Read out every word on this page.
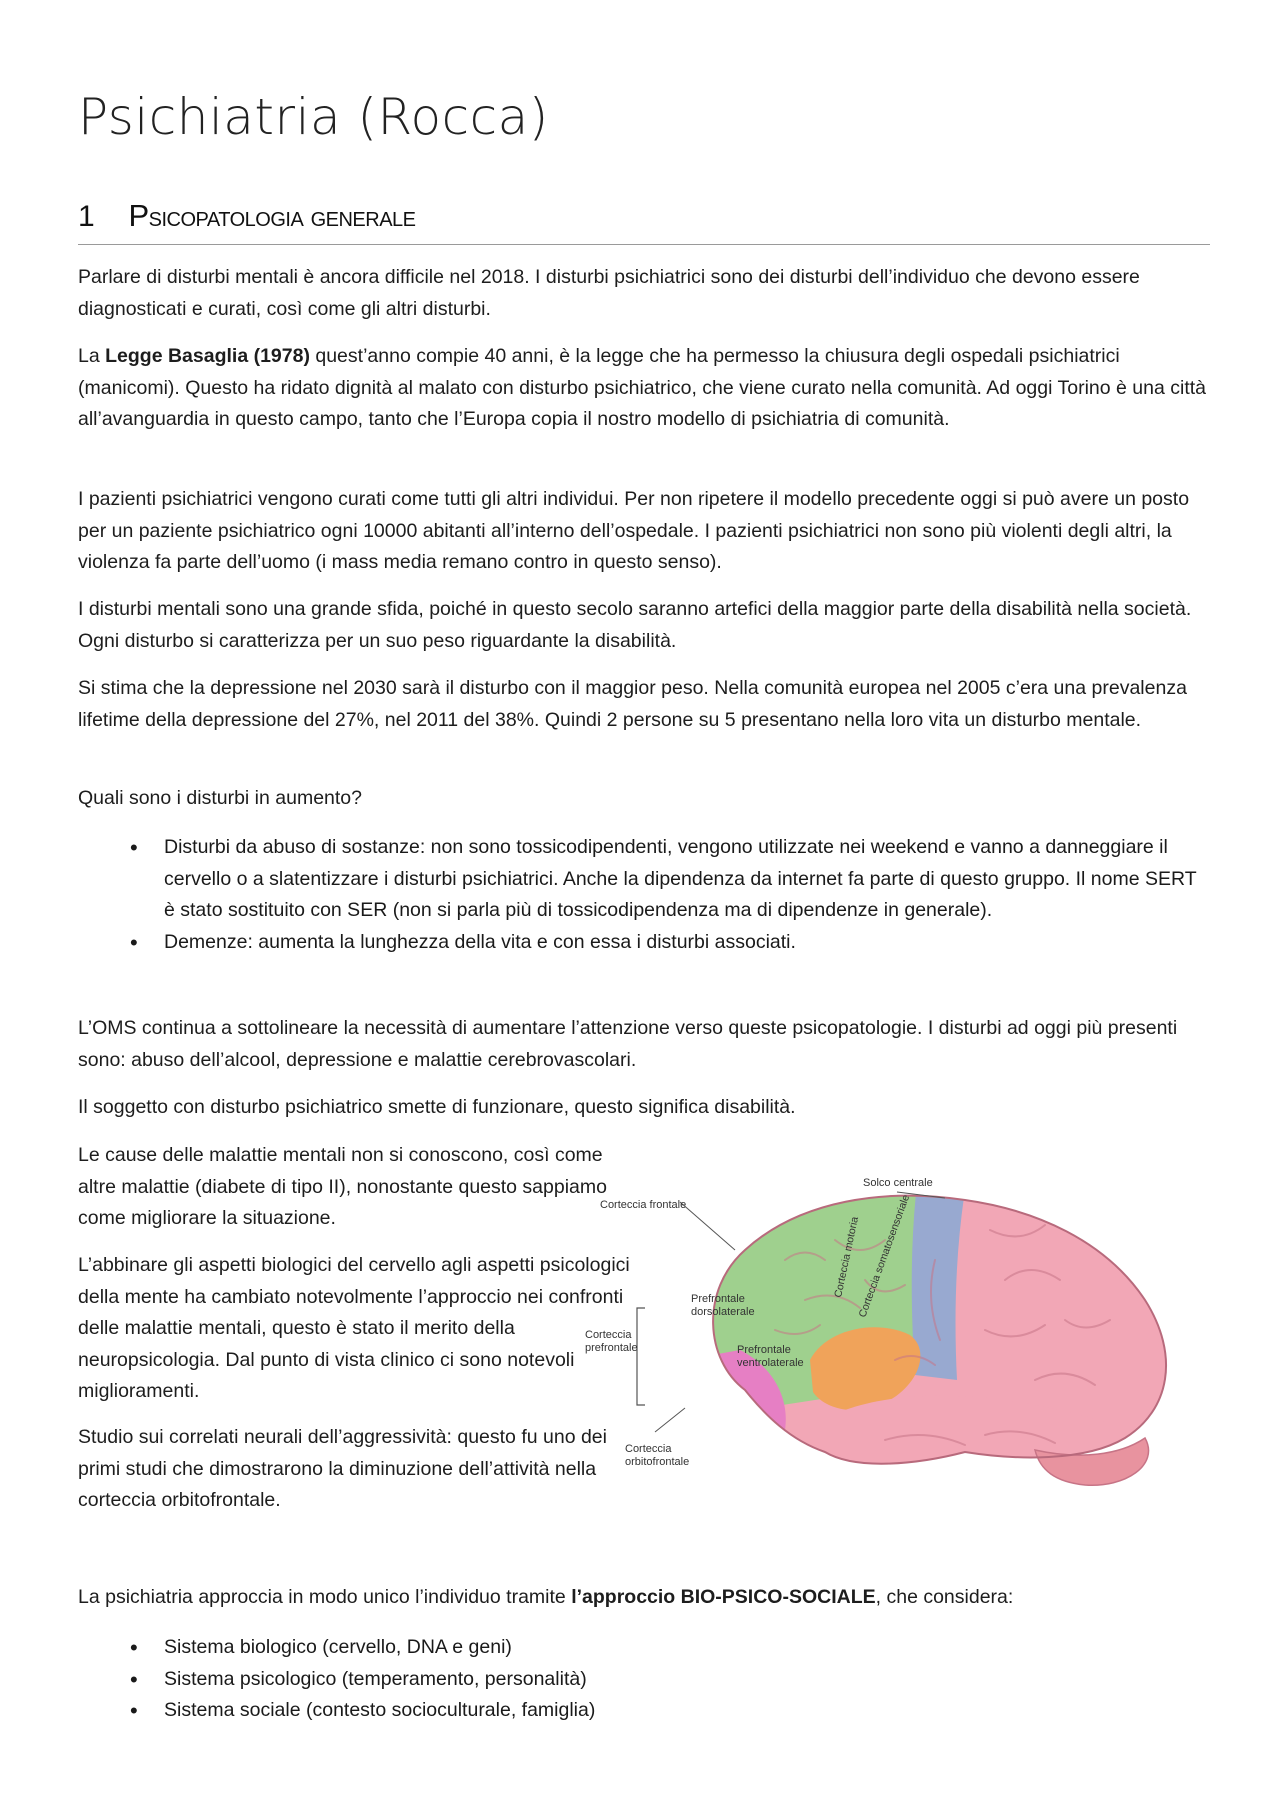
Psichiatria (Rocca)
1 Psicopatologia generale

Parlare di disturbi mentali è ancora difficile nel 2018. I disturbi psichiatrici sono dei disturbi dell’individuo che devono essere diagnosticati e curati, così come gli altri disturbi.

La Legge Basaglia (1978) quest’anno compie 40 anni, è la legge che ha permesso la chiusura degli ospedali psichiatrici (manicomi). Questo ha ridato dignità al malato con disturbo psichiatrico, che viene curato nella comunità. Ad oggi Torino è una città all’avanguardia in questo campo, tanto che l’Europa copia il nostro modello di psichiatria di comunità.

I pazienti psichiatrici vengono curati come tutti gli altri individui. Per non ripetere il modello precedente oggi si può avere un posto per un paziente psichiatrico ogni 10000 abitanti all’interno dell’ospedale. I pazienti psichiatrici non sono più violenti degli altri, la violenza fa parte dell’uomo (i mass media remano contro in questo senso).

I disturbi mentali sono una grande sfida, poiché in questo secolo saranno artefici della maggior parte della disabilità nella società. Ogni disturbo si caratterizza per un suo peso riguardante la disabilità.

Si stima che la depressione nel 2030 sarà il disturbo con il maggior peso. Nella comunità europea nel 2005 c’era una prevalenza lifetime della depressione del 27%, nel 2011 del 38%. Quindi 2 persone su 5 presentano nella loro vita un disturbo mentale.

Quali sono i disturbi in aumento?

• Disturbi da abuso di sostanze: non sono tossicodipendenti, vengono utilizzate nei weekend e vanno a danneggiare il cervello o a slatentizzare i disturbi psichiatrici. Anche la dipendenza da internet fa parte di questo gruppo. Il nome SERT è stato sostituito con SER (non si parla più di tossicodipendenza ma di dipendenze in generale).
• Demenze: aumenta la lunghezza della vita e con essa i disturbi associati.

L’OMS continua a sottolineare la necessità di aumentare l’attenzione verso queste psicopatologie. I disturbi ad oggi più presenti sono: abuso dell’alcool, depressione e malattie cerebrovascolari.

Il soggetto con disturbo psichiatrico smette di funzionare, questo significa disabilità.

Le cause delle malattie mentali non si conoscono, così come altre malattie (diabete di tipo II), nonostante questo sappiamo come migliorare la situazione.

L’abbinare gli aspetti biologici del cervello agli aspetti psicologici della mente ha cambiato notevolmente l’approccio nei confronti delle malattie mentali, questo è stato il merito della neuropsicologia. Dal punto di vista clinico ci sono notevoli miglioramenti.

Studio sui correlati neurali dell’aggressività: questo fu uno dei primi studi che dimostrarono la diminuzione dell’attività nella corteccia orbitofrontale.

La psichiatria approccia in modo unico l’individuo tramite l’approccio BIO-PSICO-SOCIALE, che considera:

• Sistema biologico (cervello, DNA e geni)
• Sistema psicologico (temperamento, personalità)
• Sistema sociale (contesto socioculturale, famiglia)
Solco centrale
Corteccia frontale
Corteccia motoria
Corteccia somatosensoriale
Prefrontale
dorsolaterale
Corteccia
prefrontale	Prefrontale
ventrolaterale
Corteccia
orbitofrontale
